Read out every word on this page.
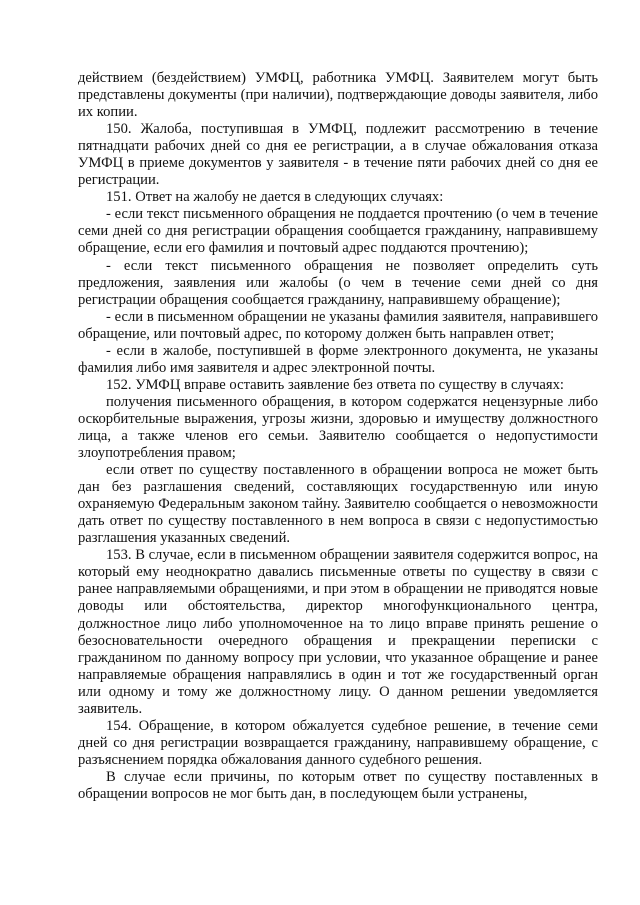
действием (бездействием) УМФЦ, работника УМФЦ. Заявителем могут быть представлены документы (при наличии), подтверждающие доводы заявителя, либо их копии.

150. Жалоба, поступившая в УМФЦ, подлежит рассмотрению в течение пятнадцати рабочих дней со дня ее регистрации, а в случае обжалования отказа УМФЦ в приеме документов у заявителя - в течение пяти рабочих дней со дня ее регистрации.

151. Ответ на жалобу не дается в следующих случаях:

- если текст письменного обращения не поддается прочтению (о чем в течение семи дней со дня регистрации обращения сообщается гражданину, направившему обращение, если его фамилия и почтовый адрес поддаются прочтению);

- если текст письменного обращения не позволяет определить суть предложения, заявления или жалобы (о чем в течение семи дней со дня регистрации обращения сообщается гражданину, направившему обращение);

- если в письменном обращении не указаны фамилия заявителя, направившего обращение, или почтовый адрес, по которому должен быть направлен ответ;

- если в жалобе, поступившей в форме электронного документа, не указаны фамилия либо имя заявителя и адрес электронной почты.

152. УМФЦ вправе оставить заявление без ответа по существу в случаях:

получения письменного обращения, в котором содержатся нецензурные либо оскорбительные выражения, угрозы жизни, здоровью и имуществу должностного лица, а также членов его семьи. Заявителю сообщается о недопустимости злоупотребления правом;

если ответ по существу поставленного в обращении вопроса не может быть дан без разглашения сведений, составляющих государственную или иную охраняемую Федеральным законом тайну. Заявителю сообщается о невозможности дать ответ по существу поставленного в нем вопроса в связи с недопустимостью разглашения указанных сведений.

153. В случае, если в письменном обращении заявителя содержится вопрос, на который ему неоднократно давались письменные ответы по существу в связи с ранее направляемыми обращениями, и при этом в обращении не приводятся новые доводы или обстоятельства, директор многофункционального центра, должностное лицо либо уполномоченное на то лицо вправе принять решение о безосновательности очередного обращения и прекращении переписки с гражданином по данному вопросу при условии, что указанное обращение и ранее направляемые обращения направлялись в один и тот же государственный орган или одному и тому же должностному лицу. О данном решении уведомляется заявитель.

154. Обращение, в котором обжалуется судебное решение, в течение семи дней со дня регистрации возвращается гражданину, направившему обращение, с разъяснением порядка обжалования данного судебного решения.

В случае если причины, по которым ответ по существу поставленных в обращении вопросов не мог быть дан, в последующем были устранены,
